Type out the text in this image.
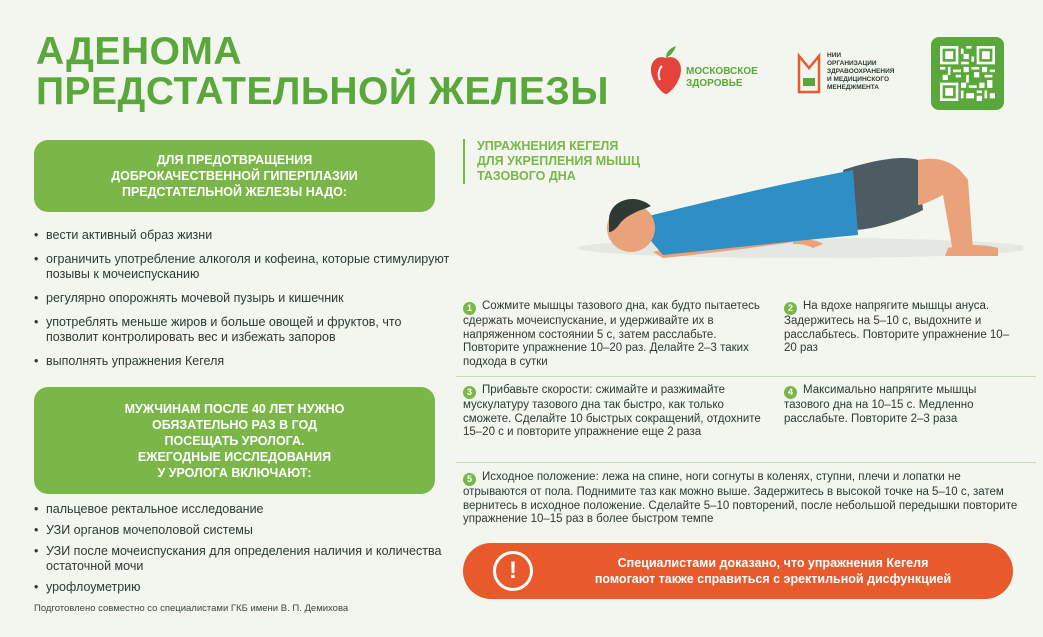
АДЕНОМА
ПРЕДСТАТЕЛЬНОЙ ЖЕЛЕЗЫ	МОСКОВСКОЕ
ЗДОРОВЬЕ
НИИ
ОРГАНИЗАЦИИ
ЗДРАВООХРАНЕНИЯ
И МЕДИЦИНСКОГО
МЕНЕДЖМЕНТА
ДЛЯ ПРЕДОТВРАЩЕНИЯ
ДОБРОКАЧЕСТВЕННОЙ ГИПЕРПЛАЗИИ
ПРЕДСТАТЕЛЬНОЙ ЖЕЛЕЗЫ НАДО:
• вести активный образ жизни
• ограничить употребление алкоголя и кофеина, которые стимулируют позывы к мочеиспусканию
• регулярно опорожнять мочевой пузырь и кишечник
• употреблять меньше жиров и больше овощей и фруктов, что позволит контролировать вес и избежать запоров
• выполнять упражнения Кегеля
МУЖЧИНАМ ПОСЛЕ 40 ЛЕТ НУЖНО
ОБЯЗАТЕЛЬНО РАЗ В ГОД
ПОСЕЩАТЬ УРОЛОГА.
ЕЖЕГОДНЫЕ ИССЛЕДОВАНИЯ
У УРОЛОГА ВКЛЮЧАЮТ:
• пальцевое ректальное исследование
• УЗИ органов мочеполовой системы
• УЗИ после мочеиспускания для определения наличия и количества остаточной мочи
• урофлоуметрию
Подготовлено совместно со специалистами ГКБ имени В. П. Демихова
УПРАЖНЕНИЯ КЕГЕЛЯ
ДЛЯ УКРЕПЛЕНИЯ МЫШЦ
ТАЗОВОГО ДНА
1 Сожмите мышцы тазового дна, как будто пытаетесь сдержать мочеиспускание, и удерживайте их в напряженном состоянии 5 с, затем расслабьте. Повторите упражнение 10–20 раз. Делайте 2–3 таких подхода в сутки
2 На вдохе напрягите мышцы ануса. Задержитесь на 5–10 с, выдохните и расслабьтесь. Повторите упражнение 10–20 раз
3 Прибавьте скорости: сжимайте и разжимайте мускулатуру тазового дна так быстро, как только сможете. Сделайте 10 быстрых сокращений, отдохните 15–20 с и повторите упражнение еще 2 раза
4 Максимально напрягите мышцы тазового дна на 10–15 с. Медленно расслабьте. Повторите 2–3 раза
5 Исходное положение: лежа на спине, ноги согнуты в коленях, ступни, плечи и лопатки не отрываются от пола. Поднимите таз как можно выше. Задержитесь в высокой точке на 5–10 с, затем вернитесь в исходное положение. Сделайте 5–10 повторений, после небольшой передышки повторите упражнение 10–15 раз в более быстром темпе
!	Специалистами доказано, что упражнения Кегеля
помогают также справиться с эректильной дисфункцией
